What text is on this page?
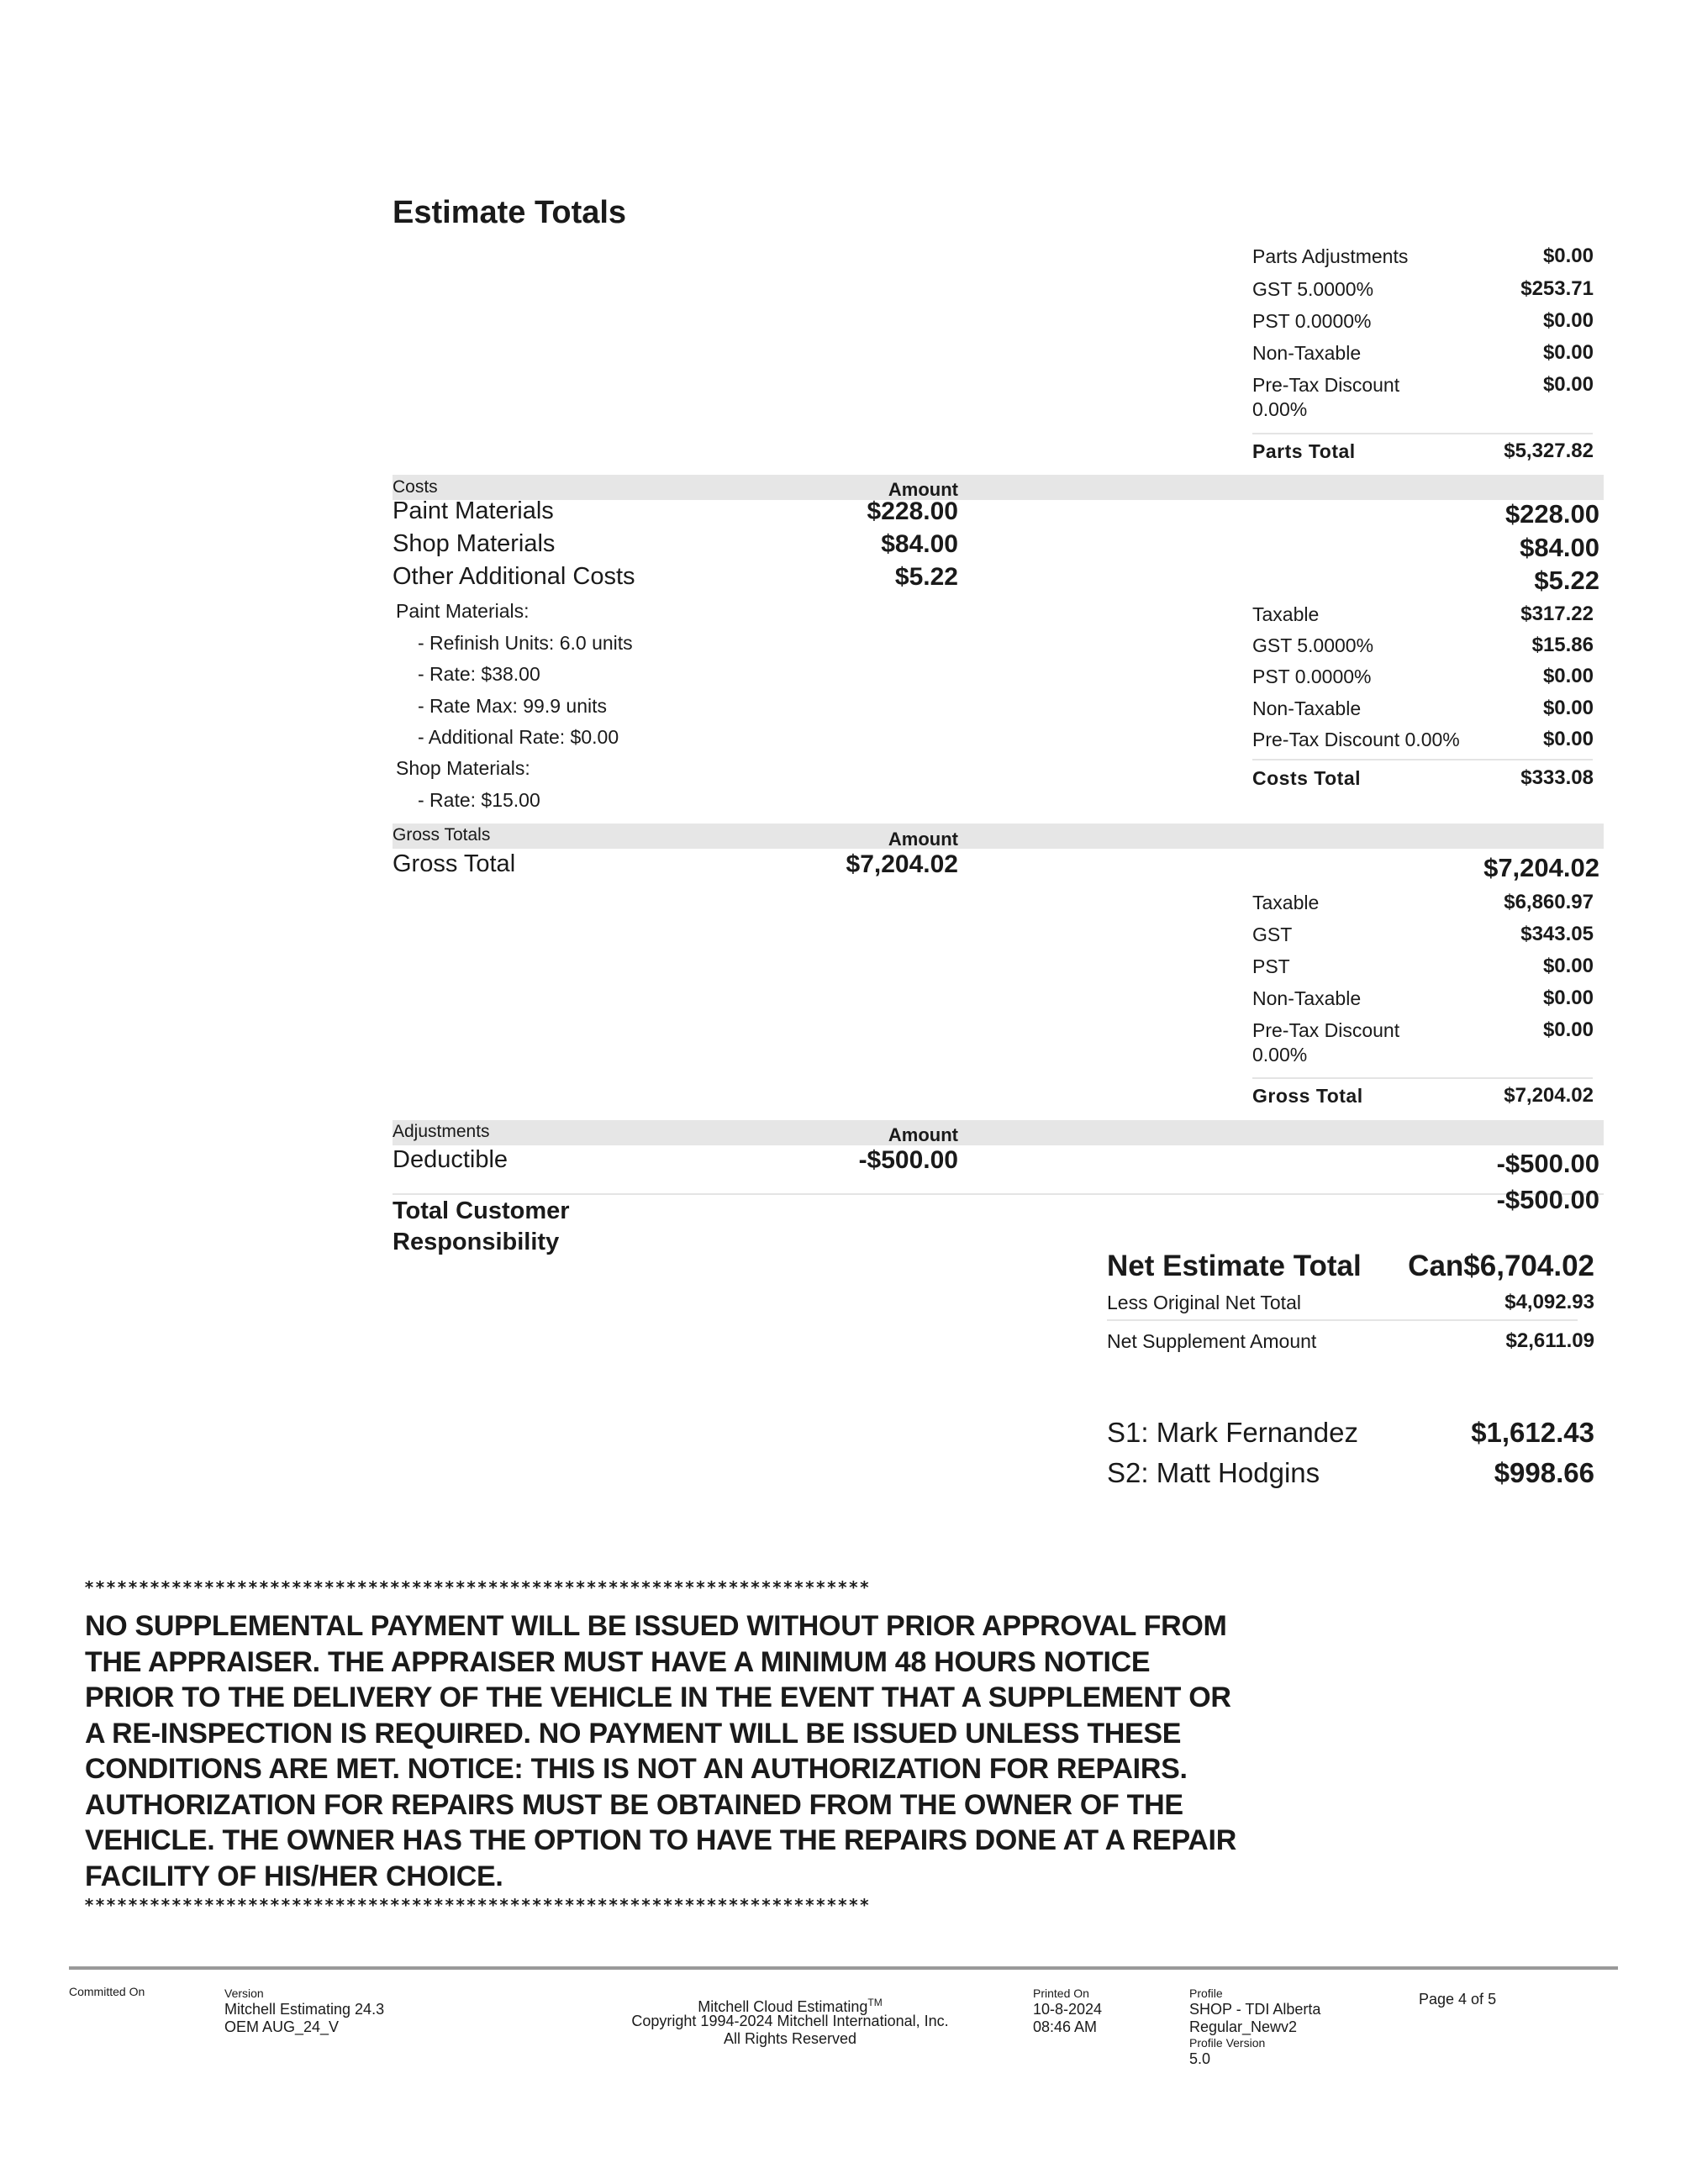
Estimate Totals
Parts Adjustments	$0.00
GST 5.0000%	$253.71
PST 0.0000%	$0.00
Non-Taxable	$0.00
Pre-Tax Discount
0.00%
$0.00
Parts Total	$5,327.82
Costs	Amount
Paint Materials	$228.00	$228.00
Shop Materials	$84.00	$84.00
Other Additional Costs	$5.22	$5.22
Paint Materials:
- Refinish Units: 6.0 units
- Rate: $38.00
- Rate Max: 99.9 units
- Additional Rate: $0.00
Shop Materials:
- Rate: $15.00
Taxable	$317.22
GST 5.0000%	$15.86
PST 0.0000%	$0.00
Non-Taxable	$0.00
Pre-Tax Discount 0.00%	$0.00
Costs Total	$333.08
Gross Totals	Amount
Gross Total	$7,204.02	$7,204.02
Taxable	$6,860.97
GST	$343.05
PST	$0.00
Non-Taxable	$0.00
Pre-Tax Discount
0.00%
$0.00
Gross Total	$7,204.02
Adjustments	Amount
Deductible	-$500.00	-$500.00
Total Customer
Responsibility
-$500.00
Net Estimate Total Can$6,704.02
Less Original Net Total	$4,092.93
Net Supplement Amount	$2,611.09
S1: Mark Fernandez	$1,612.43
S2: Matt Hodgins	$998.66
************************************************************************
NO SUPPLEMENTAL PAYMENT WILL BE ISSUED WITHOUT PRIOR APPROVAL FROM
THE APPRAISER. THE APPRAISER MUST HAVE A MINIMUM 48 HOURS NOTICE
PRIOR TO THE DELIVERY OF THE VEHICLE IN THE EVENT THAT A SUPPLEMENT OR
A RE-INSPECTION IS REQUIRED. NO PAYMENT WILL BE ISSUED UNLESS THESE
CONDITIONS ARE MET. NOTICE: THIS IS NOT AN AUTHORIZATION FOR REPAIRS.
AUTHORIZATION FOR REPAIRS MUST BE OBTAINED FROM THE OWNER OF THE
VEHICLE. THE OWNER HAS THE OPTION TO HAVE THE REPAIRS DONE AT A REPAIR
FACILITY OF HIS/HER CHOICE.
************************************************************************
Committed On	Version
Mitchell Estimating 24.3
OEM AUG_24_V
Mitchell Cloud Estimating™
Copyright 1994-2024 Mitchell International, Inc.
All Rights Reserved
Printed On
10-8-2024
08:46 AM
Profile
SHOP - TDI Alberta
Regular_Newv2
Profile Version
5.0
Page 4 of 5
